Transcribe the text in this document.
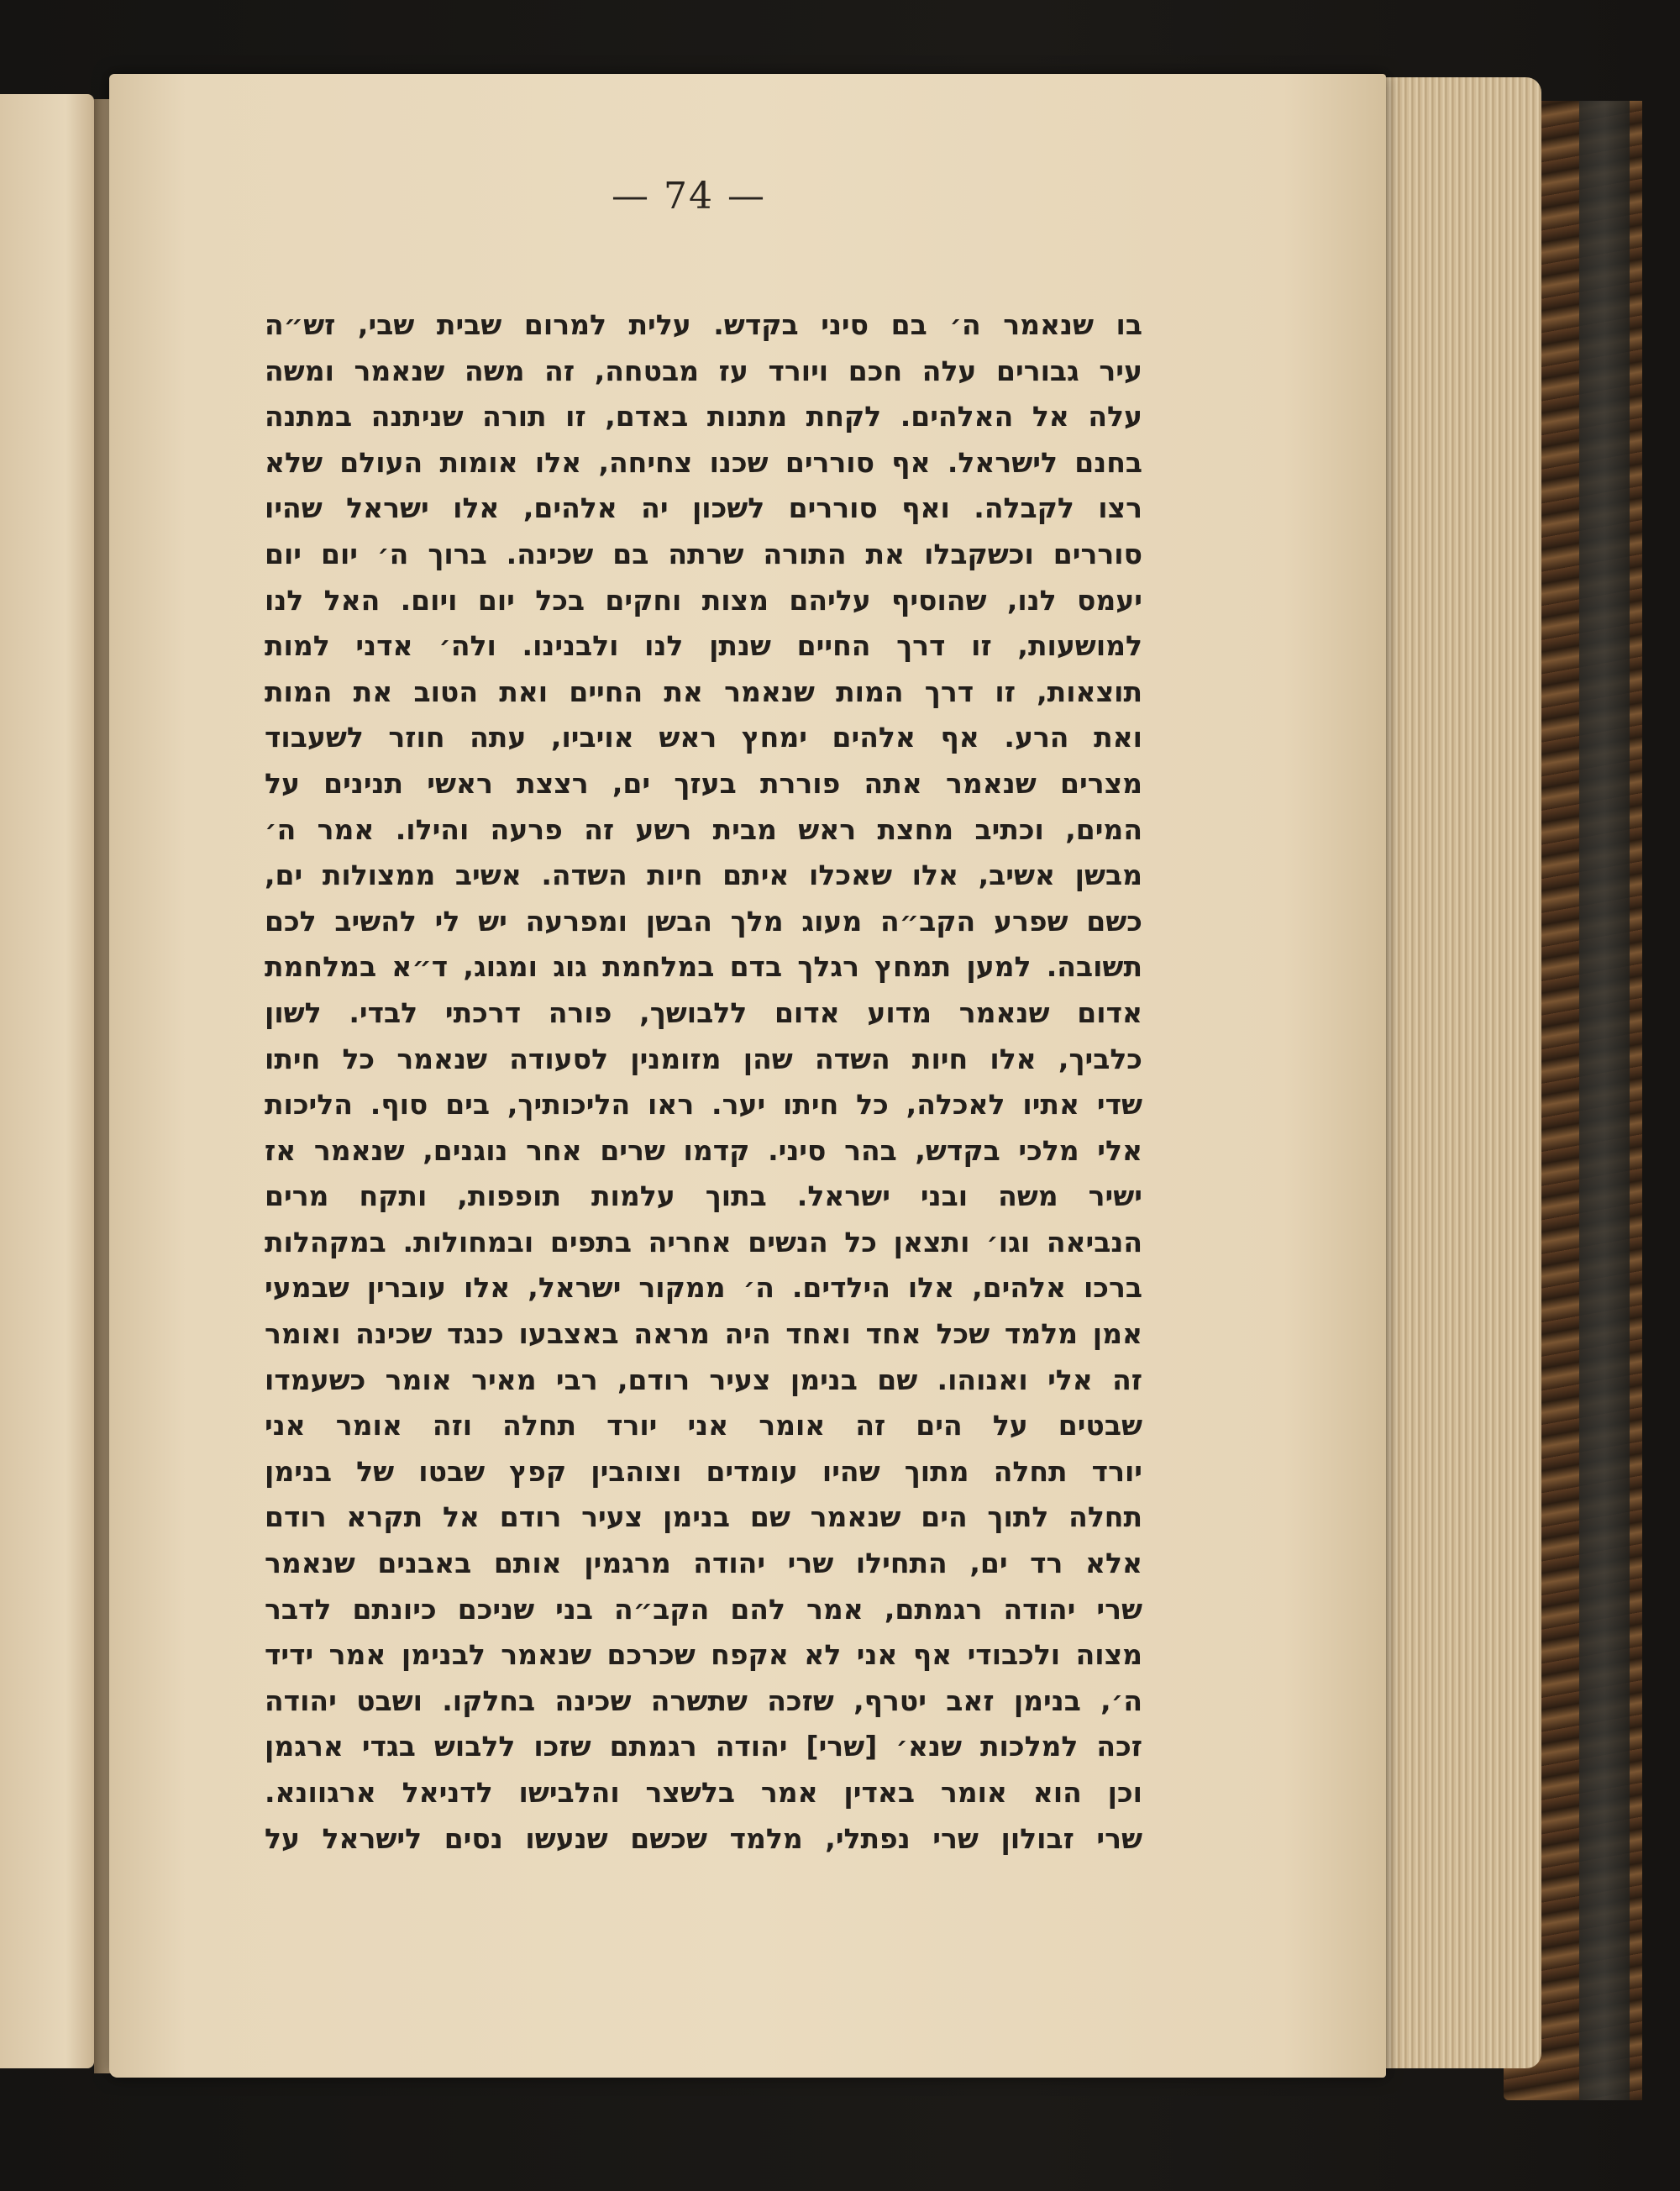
— 74 —
בו שנאמר ה׳ בם סיני בקדש. עלית למרום שבית שבי, זש״ה
עיר גבורים עלה חכם ויורד עז מבטחה, זה משה שנאמר ומשה
עלה אל האלהים. לקחת מתנות באדם, זו תורה שניתנה במתנה
בחנם לישראל. אף סוררים שכנו צחיחה, אלו אומות העולם שלא
רצו לקבלה. ואף סוררים לשכון יה אלהים, אלו ישראל שהיו
סוררים וכשקבלו את התורה שרתה בם שכינה. ברוך ה׳ יום יום
יעמס לנו, שהוסיף עליהם מצות וחקים בכל יום ויום. האל לנו
למושעות, זו דרך החיים שנתן לנו ולבנינו. ולה׳ אדני למות
תוצאות, זו דרך המות שנאמר את החיים ואת הטוב את המות
ואת הרע. אף אלהים ימחץ ראש אויביו, עתה חוזר לשעבוד
מצרים שנאמר אתה פוררת בעזך ים, רצצת ראשי תנינים על
המים, וכתיב מחצת ראש מבית רשע זה פרעה והילו. אמר ה׳
מבשן אשיב, אלו שאכלו איתם חיות השדה. אשיב ממצולות ים,
כשם שפרע הקב״ה מעוג מלך הבשן ומפרעה יש לי להשיב לכם
תשובה. למען תמחץ רגלך בדם במלחמת גוג ומגוג, ד״א במלחמת
אדום שנאמר מדוע אדום ללבושך, פורה דרכתי לבדי. לשון
כלביך, אלו חיות השדה שהן מזומנין לסעודה שנאמר כל חיתו
שדי אתיו לאכלה, כל חיתו יער. ראו הליכותיך, בים סוף. הליכות
אלי מלכי בקדש, בהר סיני. קדמו שרים אחר נוגנים, שנאמר אז
ישיר משה ובני ישראל. בתוך עלמות תופפות, ותקח מרים
הנביאה וגו׳ ותצאן כל הנשים אחריה בתפים ובמחולות. במקהלות
ברכו אלהים, אלו הילדים. ה׳ ממקור ישראל, אלו עוברין שבמעי
אמן מלמד שכל אחד ואחד היה מראה באצבעו כנגד שכינה ואומר
זה אלי ואנוהו. שם בנימן צעיר רודם, רבי מאיר אומר כשעמדו
שבטים על הים זה אומר אני יורד תחלה וזה אומר אני
יורד תחלה מתוך שהיו עומדים וצוהבין קפץ שבטו של בנימן
תחלה לתוך הים שנאמר שם בנימן צעיר רודם אל תקרא רודם
אלא רד ים, התחילו שרי יהודה מרגמין אותם באבנים שנאמר
שרי יהודה רגמתם, אמר להם הקב״ה בני שניכם כיונתם לדבר
מצוה ולכבודי אף אני לא אקפח שכרכם שנאמר לבנימן אמר ידיד
ה׳, בנימן זאב יטרף, שזכה שתשרה שכינה בחלקו. ושבט יהודה
זכה למלכות שנא׳ [שרי] יהודה רגמתם שזכו ללבוש בגדי ארגמן
וכן הוא אומר באדין אמר בלשצר והלבישו לדניאל ארגוונא.
שרי זבולון שרי נפתלי, מלמד שכשם שנעשו נסים לישראל על
